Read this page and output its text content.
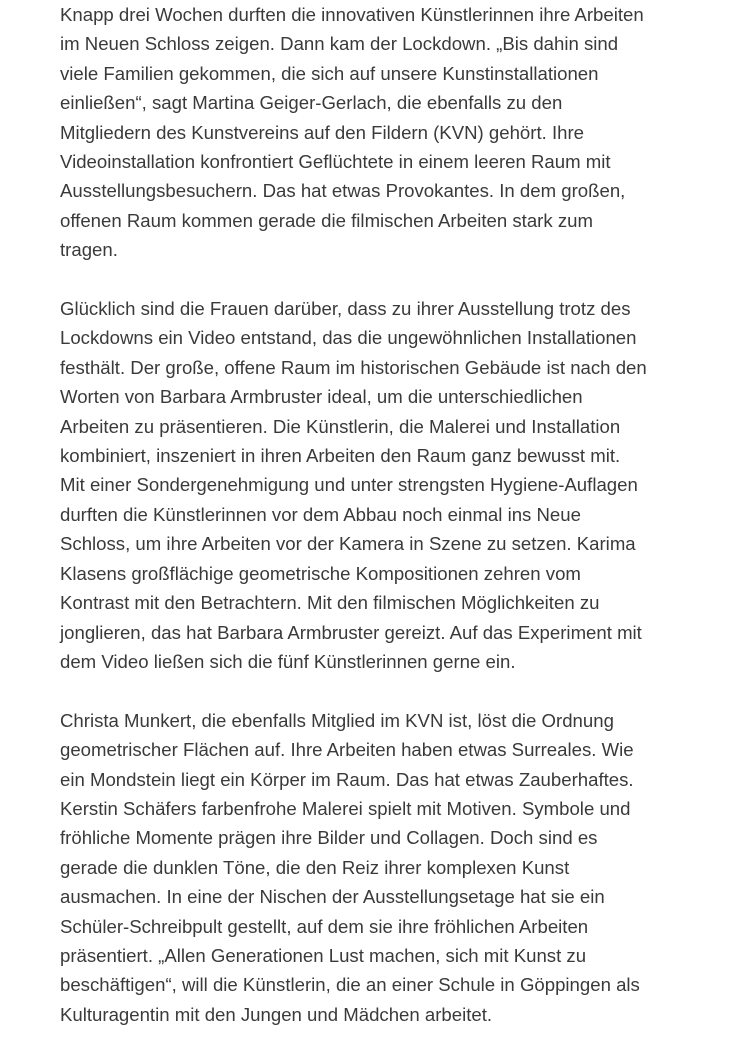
Knapp drei Wochen durften die innovativen Künstlerinnen ihre Arbeiten
im Neuen Schloss zeigen. Dann kam der Lockdown. „Bis dahin sind
viele Familien gekommen, die sich auf unsere Kunstinstallationen
einließen“, sagt Martina Geiger-Gerlach, die ebenfalls zu den
Mitgliedern des Kunstvereins auf den Fildern (KVN) gehört. Ihre
Videoinstallation konfrontiert Geflüchtete in einem leeren Raum mit
Ausstellungsbesuchern. Das hat etwas Provokantes. In dem großen,
offenen Raum kommen gerade die filmischen Arbeiten stark zum
tragen.

Glücklich sind die Frauen darüber, dass zu ihrer Ausstellung trotz des
Lockdowns ein Video entstand, das die ungewöhnlichen Installationen
festhält. Der große, offene Raum im historischen Gebäude ist nach den
Worten von Barbara Armbruster ideal, um die unterschiedlichen
Arbeiten zu präsentieren. Die Künstlerin, die Malerei und Installation
kombiniert, inszeniert in ihren Arbeiten den Raum ganz bewusst mit.
Mit einer Sondergenehmigung und unter strengsten Hygiene-Auflagen
durften die Künstlerinnen vor dem Abbau noch einmal ins Neue
Schloss, um ihre Arbeiten vor der Kamera in Szene zu setzen. Karima
Klasens großflächige geometrische Kompositionen zehren vom
Kontrast mit den Betrachtern. Mit den filmischen Möglichkeiten zu
jonglieren, das hat Barbara Armbruster gereizt. Auf das Experiment mit
dem Video ließen sich die fünf Künstlerinnen gerne ein.

Christa Munkert, die ebenfalls Mitglied im KVN ist, löst die Ordnung
geometrischer Flächen auf. Ihre Arbeiten haben etwas Surreales. Wie
ein Mondstein liegt ein Körper im Raum. Das hat etwas Zauberhaftes.
Kerstin Schäfers farbenfrohe Malerei spielt mit Motiven. Symbole und
fröhliche Momente prägen ihre Bilder und Collagen. Doch sind es
gerade die dunklen Töne, die den Reiz ihrer komplexen Kunst
ausmachen. In eine der Nischen der Ausstellungsetage hat sie ein
Schüler-Schreibpult gestellt, auf dem sie ihre fröhlichen Arbeiten
präsentiert. „Allen Generationen Lust machen, sich mit Kunst zu
beschäftigen“, will die Künstlerin, die an einer Schule in Göppingen als
Kulturagentin mit den Jungen und Mädchen arbeitet.
